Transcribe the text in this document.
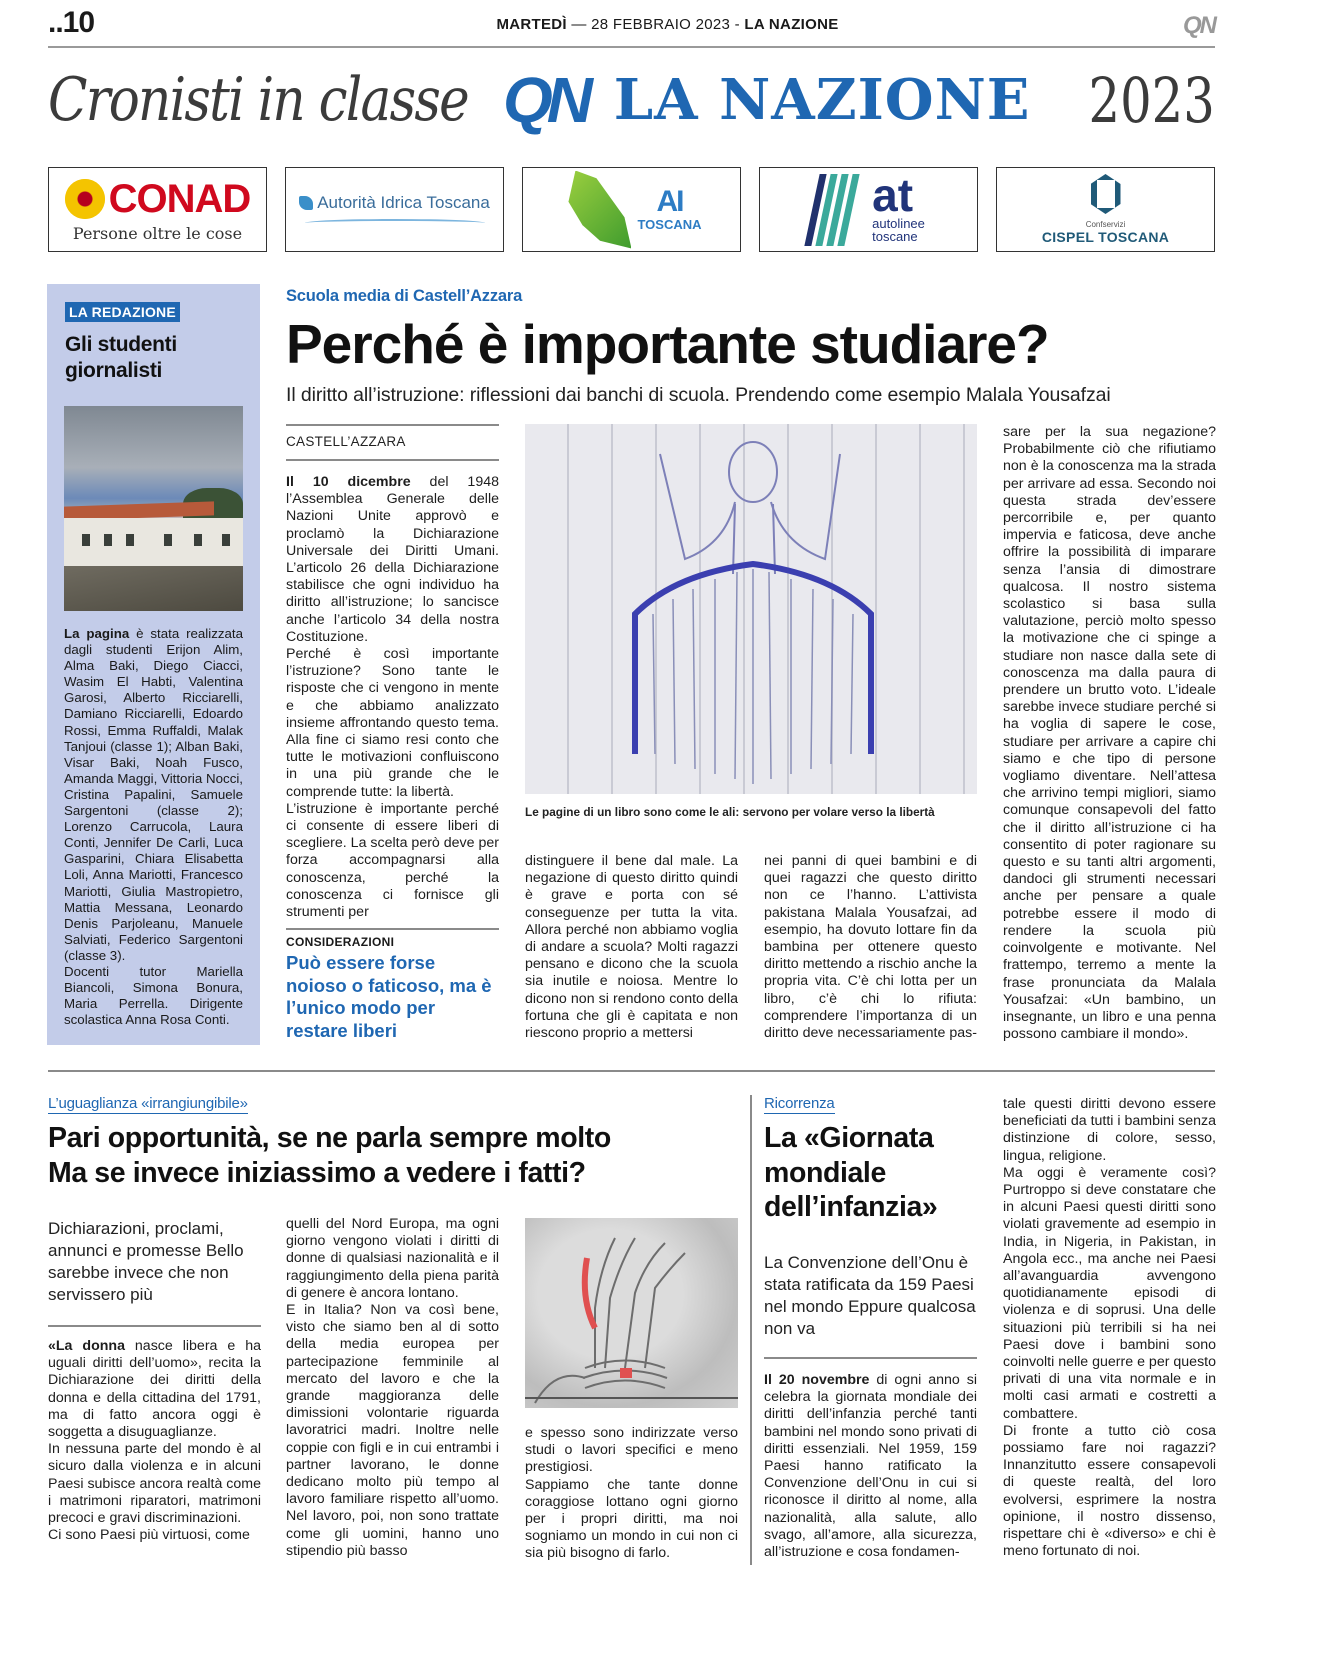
..10	MARTEDÌ — 28 FEBBRAIO 2023 - LA NAZIONE	QN
Cronisti in classe QN LA NAZIONE 2023
CONAD
Persone oltre le cose
Autorità Idrica Toscana	AI
TOSCANA
at
autolinee
toscane
Confservizi
CISPEL TOSCANA
LA REDAZIONE
Gli studenti
giornalisti
La pagina è stata realizzata dagli studenti Erijon Alim, Alma Baki, Diego Ciacci, Wasim El Habti, Valentina Garosi, Alberto Ricciarelli, Damiano Ricciarelli, Edoardo Rossi, Emma Ruffaldi, Malak Tanjoui (classe 1); Alban Baki, Visar Baki, Noah Fusco, Amanda Maggi, Vittoria Nocci, Cristina Papalini, Samuele Sargentoni (classe 2); Lorenzo Carrucola, Laura Conti, Jennifer De Carli, Luca Gasparini, Chiara Elisabetta Loli, Anna Mariotti, Francesco Mariotti, Giulia Mastropietro, Mattia Messana, Leonardo Denis Parjoleanu, Manuele Salviati, Federico Sargentoni (classe 3).
Docenti tutor Mariella Biancoli, Simona Bonura, Maria Perrella. Dirigente scolastica Anna Rosa Conti.
Scuola media di Castell’Azzara
Perché è importante studiare?
Il diritto all’istruzione: riflessioni dai banchi di scuola. Prendendo come esempio Malala Yousafzai
CASTELL’AZZARA
Il 10 dicembre del 1948 l’Assemblea Generale delle Nazioni Unite approvò e proclamò la Dichiarazione Universale dei Diritti Umani. L’articolo 26 della Dichiarazione stabilisce che ogni individuo ha diritto all’istruzione; lo sancisce anche l’articolo 34 della nostra Costituzione.
Perché è così importante l’istruzione? Sono tante le risposte che ci vengono in mente e che abbiamo analizzato insieme affrontando questo tema. Alla fine ci siamo resi conto che tutte le motivazioni confluiscono in una più grande che le comprende tutte: la libertà.
L’istruzione è importante perché ci consente di essere liberi di scegliere. La scelta però deve per forza accompagnarsi alla conoscenza, perché la conoscenza ci fornisce gli strumenti per
CONSIDERAZIONI
Può essere forse noioso o faticoso, ma è l’unico modo per restare liberi
Le pagine di un libro sono come le ali: servono per volare verso la libertà
distinguere il bene dal male. La negazione di questo diritto quindi è grave e porta con sé conseguenze per tutta la vita. Allora perché non abbiamo voglia di andare a scuola? Molti ragazzi pensano e dicono che la scuola sia inutile e noiosa. Mentre lo dicono non si rendono conto della fortuna che gli è capitata e non riescono proprio a mettersi
nei panni di quei bambini e di quei ragazzi che questo diritto non ce l’hanno. L’attivista pakistana Malala Yousafzai, ad esempio, ha dovuto lottare fin da bambina per ottenere questo diritto mettendo a rischio anche la propria vita. C’è chi lotta per un libro, c’è chi lo rifiuta: comprendere l’importanza di un diritto deve necessariamente pas-
sare per la sua negazione? Probabilmente ciò che rifiutiamo non è la conoscenza ma la strada per arrivare ad essa. Secondo noi questa strada dev’essere percorribile e, per quanto impervia e faticosa, deve anche offrire la possibilità di imparare senza l’ansia di dimostrare qualcosa. Il nostro sistema scolastico si basa sulla valutazione, perciò molto spesso la motivazione che ci spinge a studiare non nasce dalla sete di conoscenza ma dalla paura di prendere un brutto voto. L’ideale sarebbe invece studiare perché si ha voglia di sapere le cose, studiare per arrivare a capire chi siamo e che tipo di persone vogliamo diventare. Nell’attesa che arrivino tempi migliori, siamo comunque consapevoli del fatto che il diritto all’istruzione ci ha consentito di poter ragionare su questo e su tanti altri argomenti, dandoci gli strumenti necessari anche per pensare a quale potrebbe essere il modo di rendere la scuola più coinvolgente e motivante. Nel frattempo, terremo a mente la frase pronunciata da Malala Yousafzai: «Un bambino, un insegnante, un libro e una penna possono cambiare il mondo».
L’uguaglianza «irrangiungibile»
Pari opportunità, se ne parla sempre molto
Ma se invece iniziassimo a vedere i fatti?
Dichiarazioni, proclami, annunci e promesse Bello sarebbe invece che non servissero più
«La donna nasce libera e ha uguali diritti dell’uomo», recita la Dichiarazione dei diritti della donna e della cittadina del 1791, ma di fatto ancora oggi è soggetta a disuguaglianze.
In nessuna parte del mondo è al sicuro dalla violenza e in alcuni Paesi subisce ancora realtà come i matrimoni riparatori, matrimoni precoci e gravi discriminazioni.
Ci sono Paesi più virtuosi, come
quelli del Nord Europa, ma ogni giorno vengono violati i diritti di donne di qualsiasi nazionalità e il raggiungimento della piena parità di genere è ancora lontano.
E in Italia? Non va così bene, visto che siamo ben al di sotto della media europea per partecipazione femminile al mercato del lavoro e che la grande maggioranza delle dimissioni volontarie riguarda lavoratrici madri. Inoltre nelle coppie con figli e in cui entrambi i partner lavorano, le donne dedicano molto più tempo al lavoro familiare rispetto all’uomo. Nel lavoro, poi, non sono trattate come gli uomini, hanno uno stipendio più basso
e spesso sono indirizzate verso studi o lavori specifici e meno prestigiosi.
Sappiamo che tante donne coraggiose lottano ogni giorno per i propri diritti, ma noi sogniamo un mondo in cui non ci sia più bisogno di farlo.
Ricorrenza
La «Giornata mondiale dell’infanzia»
La Convenzione dell’Onu è stata ratificata da 159 Paesi nel mondo Eppure qualcosa non va
Il 20 novembre di ogni anno si celebra la giornata mondiale dei diritti dell’infanzia perché tanti bambini nel mondo sono privati di diritti essenziali. Nel 1959, 159 Paesi hanno ratificato la Convenzione dell’Onu in cui si riconosce il diritto al nome, alla nazionalità, alla salute, allo svago, all’amore, alla sicurezza, all’istruzione e cosa fondamen-
tale questi diritti devono essere beneficiati da tutti i bambini senza distinzione di colore, sesso, lingua, religione.
Ma oggi è veramente così? Purtroppo si deve constatare che in alcuni Paesi questi diritti sono violati gravemente ad esempio in India, in Nigeria, in Pakistan, in Angola ecc., ma anche nei Paesi all’avanguardia avvengono quotidianamente episodi di violenza e di soprusi. Una delle situazioni più terribili si ha nei Paesi dove i bambini sono coinvolti nelle guerre e per questo privati di una vita normale e in molti casi armati e costretti a combattere.
Di fronte a tutto ciò cosa possiamo fare noi ragazzi? Innanzitutto essere consapevoli di queste realtà, del loro evolversi, esprimere la nostra opinione, il nostro dissenso, rispettare chi è «diverso» e chi è meno fortunato di noi.
